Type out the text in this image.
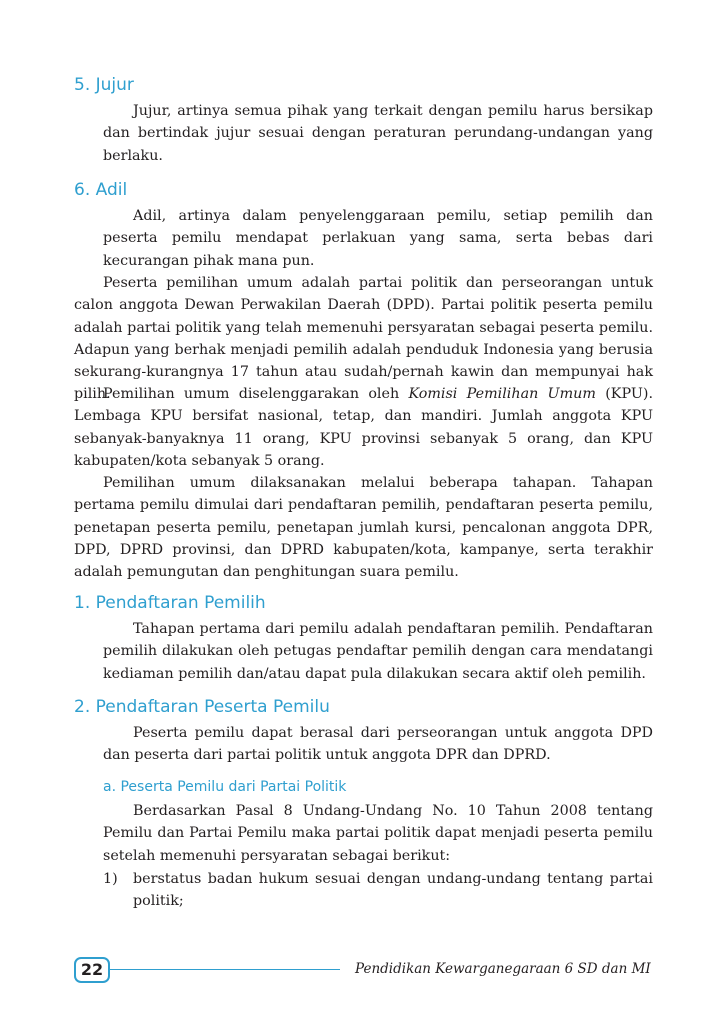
5. Jujur

Jujur, artinya semua pihak yang terkait dengan pemilu harus bersikap dan bertindak jujur sesuai dengan peraturan perundang-undangan yang berlaku.

6. Adil

Adil, artinya dalam penyelenggaraan pemilu, setiap pemilih dan peserta pemilu mendapat perlakuan yang sama, serta bebas dari kecurangan pihak mana pun.

Peserta pemilihan umum adalah partai politik dan perseorangan untuk calon anggota Dewan Perwakilan Daerah (DPD). Partai politik peserta pemilu adalah partai politik yang telah memenuhi persyaratan sebagai peserta pemilu. Adapun yang berhak menjadi pemilih adalah penduduk Indonesia yang berusia sekurang-kurangnya 17 tahun atau sudah/pernah kawin dan mempunyai hak pilih.

Pemilihan umum diselenggarakan oleh Komisi Pemilihan Umum (KPU). Lembaga KPU bersifat nasional, tetap, dan mandiri. Jumlah anggota KPU sebanyak-banyaknya 11 orang, KPU provinsi sebanyak 5 orang, dan KPU kabupaten/kota sebanyak 5 orang.

Pemilihan umum dilaksanakan melalui beberapa tahapan. Tahapan pertama pemilu dimulai dari pendaftaran pemilih, pendaftaran peserta pemilu, penetapan peserta pemilu, penetapan jumlah kursi, pencalonan anggota DPR, DPD, DPRD provinsi, dan DPRD kabupaten/kota, kampanye, serta terakhir adalah pemungutan dan penghitungan suara pemilu.

1. Pendaftaran Pemilih

Tahapan pertama dari pemilu adalah pendaftaran pemilih. Pendaftaran pemilih dilakukan oleh petugas pendaftar pemilih dengan cara mendatangi kediaman pemilih dan/atau dapat pula dilakukan secara aktif oleh pemilih.

2. Pendaftaran Peserta Pemilu

Peserta pemilu dapat berasal dari perseorangan untuk anggota DPD dan peserta dari partai politik untuk anggota DPR dan DPRD.

a. Peserta Pemilu dari Partai Politik

Berdasarkan Pasal 8 Undang-Undang No. 10 Tahun 2008 tentang Pemilu dan Partai Pemilu maka partai politik dapat menjadi peserta pemilu setelah memenuhi persyaratan sebagai berikut:

1) berstatus badan hukum sesuai dengan undang-undang tentang partai politik;

22	Pendidikan Kewarganegaraan 6 SD dan MI
